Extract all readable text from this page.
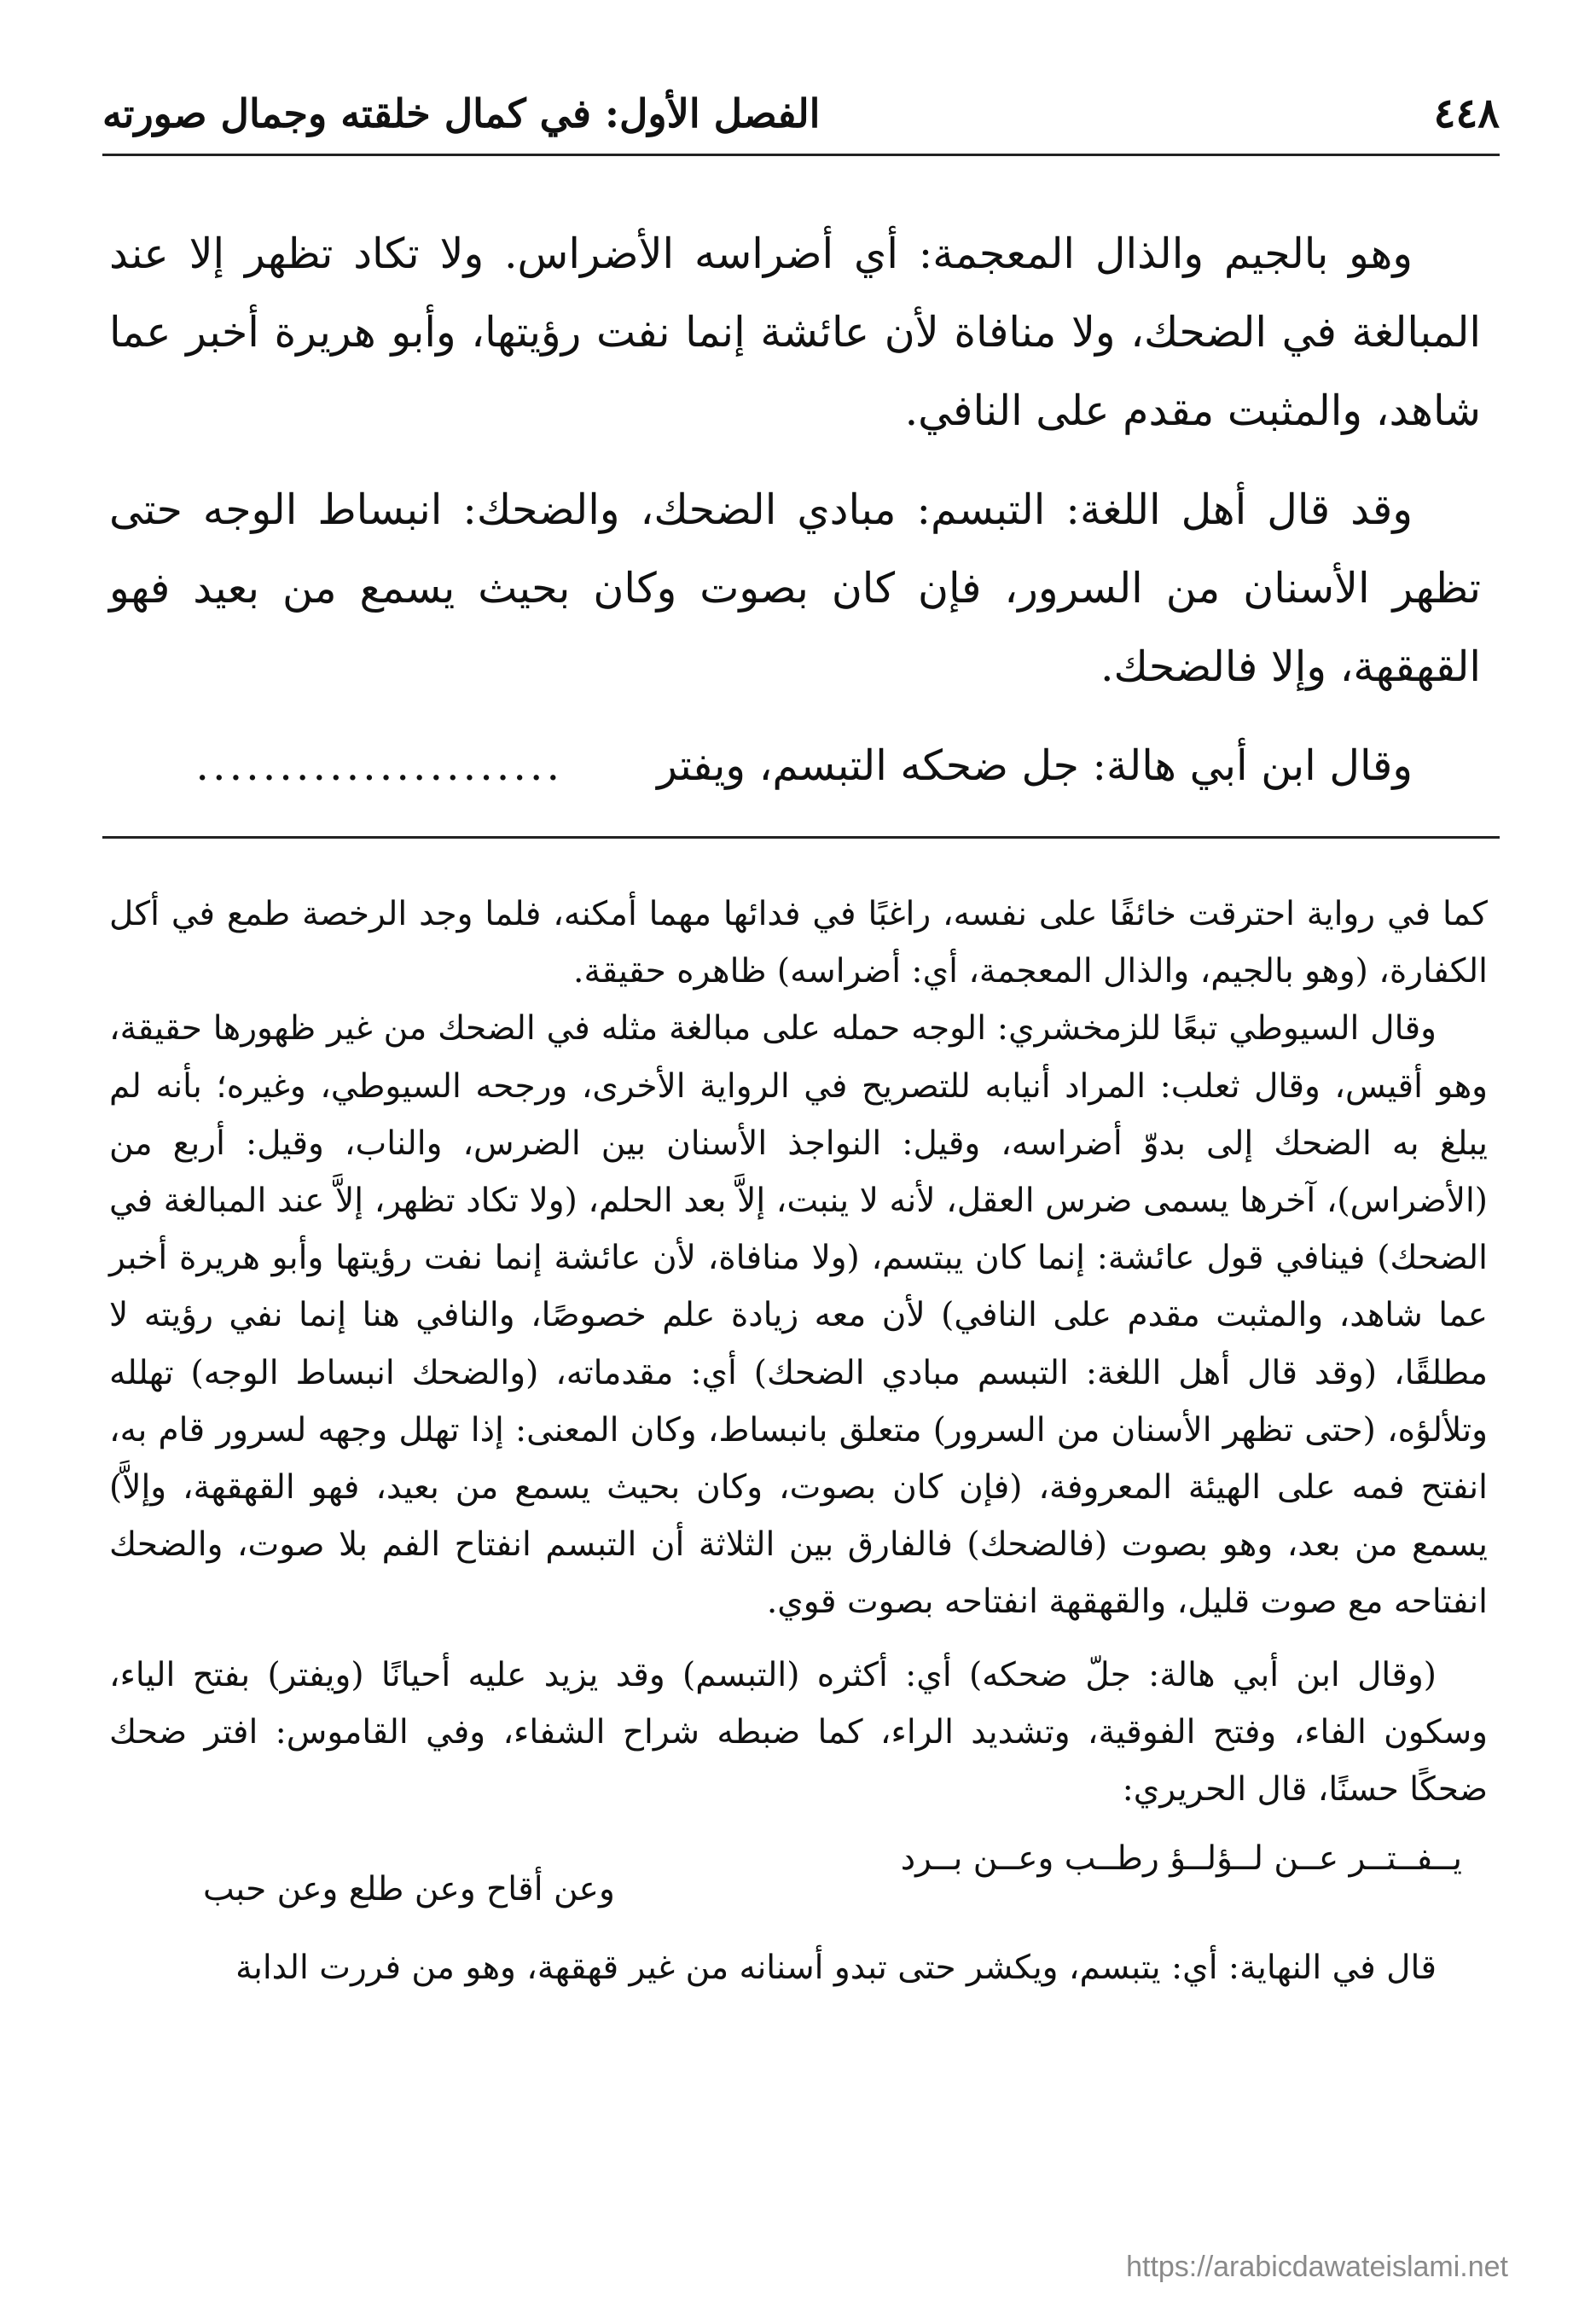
٤٤٨
الفصل الأول: في كمال خلقته وجمال صورته

وهو بالجيم والذال المعجمة: أي أضراسه الأضراس. ولا تكاد تظهر إلا عند المبالغة في الضحك، ولا منافاة لأن عائشة إنما نفت رؤيتها، وأبو هريرة أخبر عما شاهد، والمثبت مقدم على النافي.

وقد قال أهل اللغة: التبسم: مبادي الضحك، والضحك: انبساط الوجه حتى تظهر الأسنان من السرور، فإن كان بصوت وكان بحيث يسمع من بعيد فهو القهقهة، وإلا فالضحك.

وقال ابن أبي هالة: جل ضحكه التبسم، ويفتر......................

كما في رواية احترقت خائفًا على نفسه، راغبًا في فدائها مهما أمكنه، فلما وجد الرخصة طمع في أكل الكفارة، (وهو بالجيم، والذال المعجمة، أي: أضراسه) ظاهره حقيقة.

وقال السيوطي تبعًا للزمخشري: الوجه حمله على مبالغة مثله في الضحك من غير ظهورها حقيقة، وهو أقيس، وقال ثعلب: المراد أنيابه للتصريح في الرواية الأخرى، ورجحه السيوطي، وغيره؛ بأنه لم يبلغ به الضحك إلى بدوّ أضراسه، وقيل: النواجذ الأسنان بين الضرس، والناب، وقيل: أربع من (الأضراس)، آخرها يسمى ضرس العقل، لأنه لا ينبت، إلاَّ بعد الحلم، (ولا تكاد تظهر، إلاَّ عند المبالغة في الضحك) فينافي قول عائشة: إنما كان يبتسم، (ولا منافاة، لأن عائشة إنما نفت رؤيتها وأبو هريرة أخبر عما شاهد، والمثبت مقدم على النافي) لأن معه زيادة علم خصوصًا، والنافي هنا إنما نفي رؤيته لا مطلقًا، (وقد قال أهل اللغة: التبسم مبادي الضحك) أي: مقدماته، (والضحك انبساط الوجه) تهلله وتلألؤه، (حتى تظهر الأسنان من السرور) متعلق بانبساط، وكان المعنى: إذا تهلل وجهه لسرور قام به، انفتح فمه على الهيئة المعروفة، (فإن كان بصوت، وكان بحيث يسمع من بعيد، فهو القهقهة، وإلاَّ) يسمع من بعد، وهو بصوت (فالضحك) فالفارق بين الثلاثة أن التبسم انفتاح الفم بلا صوت، والضحك انفتاحه مع صوت قليل، والقهقهة انفتاحه بصوت قوي.

(وقال ابن أبي هالة: جلّ ضحكه) أي: أكثره (التبسم) وقد يزيد عليه أحيانًا (ويفتر) بفتح الياء، وسكون الفاء، وفتح الفوقية، وتشديد الراء، كما ضبطه شراح الشفاء، وفي القاموس: افتر ضحك ضحكًا حسنًا، قال الحريري:

يــفــتــر عــن لــؤلــؤ رطــب وعــن بــرد
وعن أقاح وعن طلع وعن حبب

قال في النهاية: أي: يتبسم، ويكشر حتى تبدو أسنانه من غير قهقهة، وهو من فررت الدابة

https://arabicdawateislami.net
